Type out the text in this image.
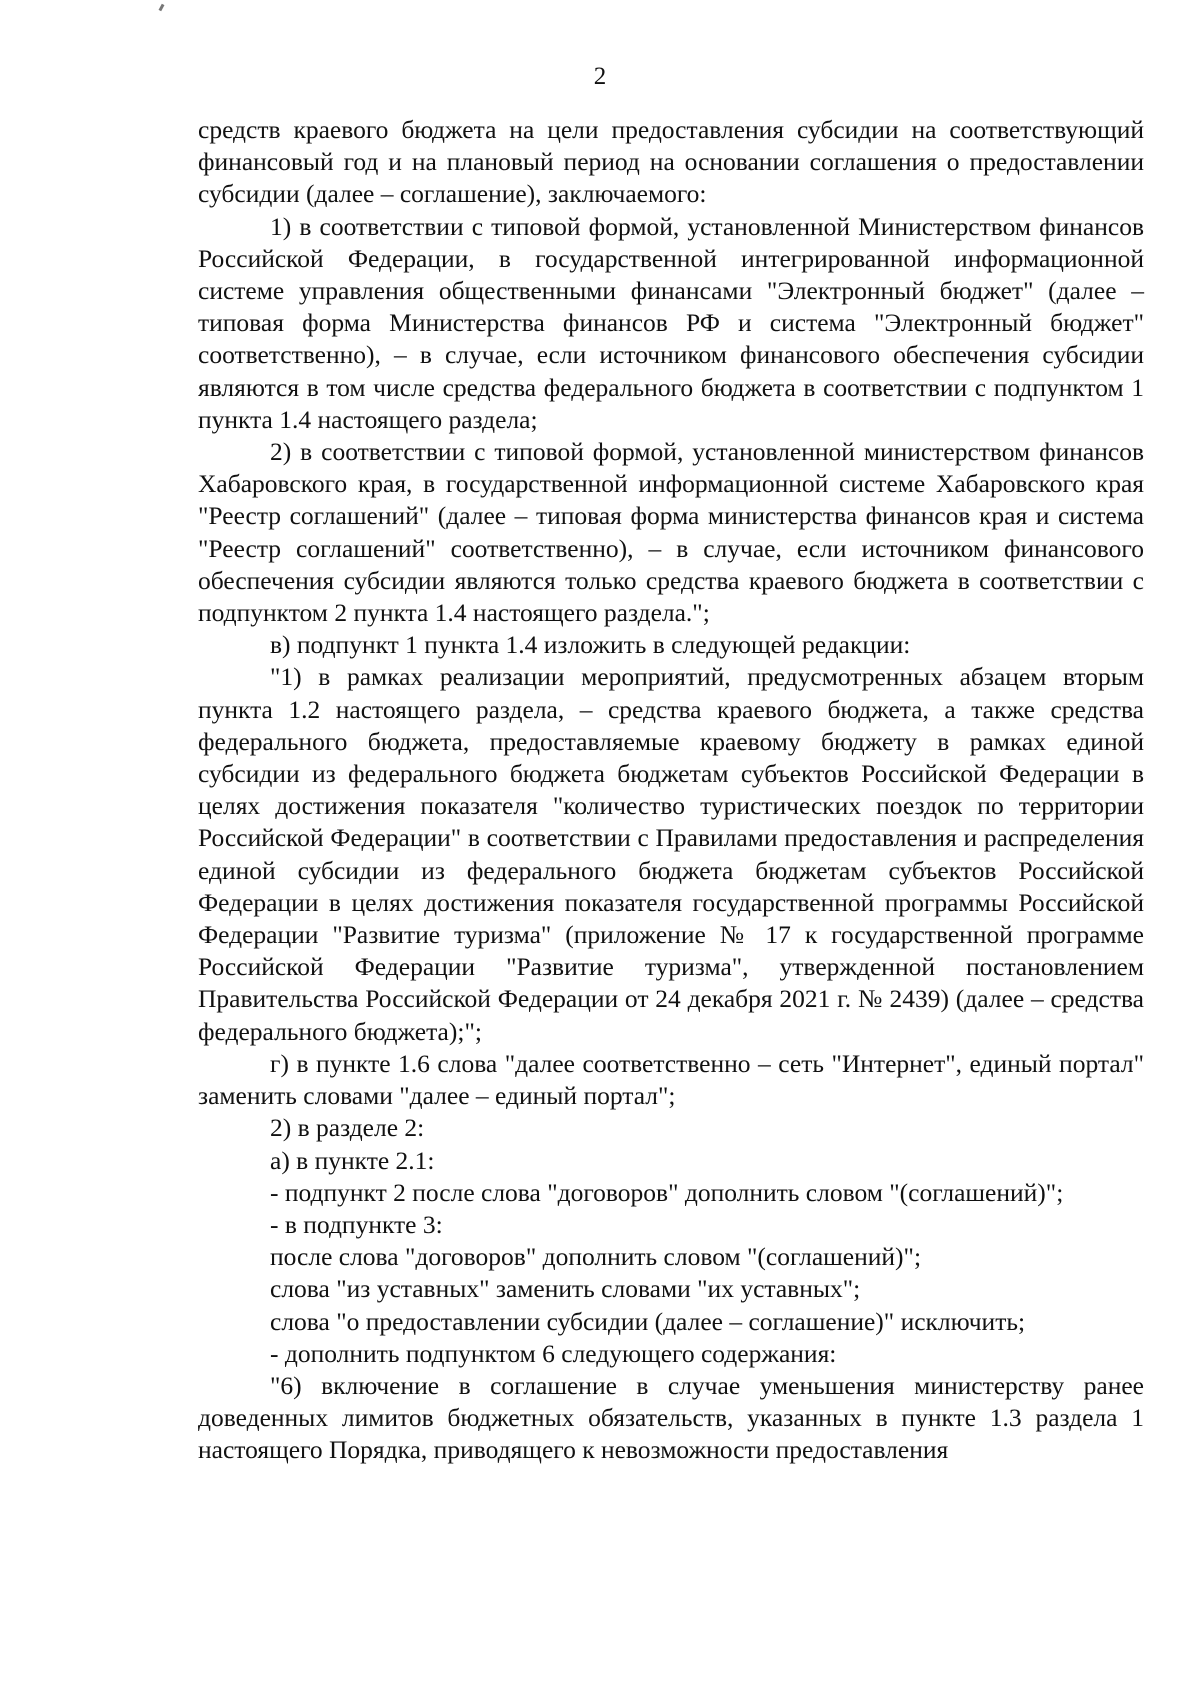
2

средств краевого бюджета на цели предоставления субсидии на соответствующий финансовый год и на плановый период на основании соглашения о предоставлении субсидии (далее – соглашение), заключаемого:

1) в соответствии с типовой формой, установленной Министерством финансов Российской Федерации, в государственной интегрированной информационной системе управления общественными финансами "Электронный бюджет" (далее – типовая форма Министерства финансов РФ и система "Электронный бюджет" соответственно), – в случае, если источником финансового обеспечения субсидии являются в том числе средства федерального бюджета в соответствии с подпунктом 1 пункта 1.4 настоящего раздела;

2) в соответствии с типовой формой, установленной министерством финансов Хабаровского края, в государственной информационной системе Хабаровского края "Реестр соглашений" (далее – типовая форма министерства финансов края и система "Реестр соглашений" соответственно), – в случае, если источником финансового обеспечения субсидии являются только средства краевого бюджета в соответствии с подпунктом 2 пункта 1.4 настоящего раздела.";

в) подпункт 1 пункта 1.4 изложить в следующей редакции:

"1) в рамках реализации мероприятий, предусмотренных абзацем вторым пункта 1.2 настоящего раздела, – средства краевого бюджета, а также средства федерального бюджета, предоставляемые краевому бюджету в рамках единой субсидии из федерального бюджета бюджетам субъектов Российской Федерации в целях достижения показателя "количество туристических поездок по территории Российской Федерации" в соответствии с Правилами предоставления и распределения единой субсидии из федерального бюджета бюджетам субъектов Российской Федерации в целях достижения показателя государственной программы Российской Федерации "Развитие туризма" (приложение № 17 к государственной программе Российской Федерации "Развитие туризма", утвержденной постановлением Правительства Российской Федерации от 24 декабря 2021 г. № 2439) (далее – средства федерального бюджета);";

г) в пункте 1.6 слова "далее соответственно – сеть "Интернет", единый портал" заменить словами "далее – единый портал";

2) в разделе 2:

а) в пункте 2.1:

- подпункт 2 после слова "договоров" дополнить словом "(соглашений)";

- в подпункте 3:

после слова "договоров" дополнить словом "(соглашений)";

слова "из уставных" заменить словами "их уставных";

слова "о предоставлении субсидии (далее – соглашение)" исключить;

- дополнить подпунктом 6 следующего содержания:

"6) включение в соглашение в случае уменьшения министерству ранее доведенных лимитов бюджетных обязательств, указанных в пункте 1.3 раздела 1 настоящего Порядка, приводящего к невозможности предоставления
